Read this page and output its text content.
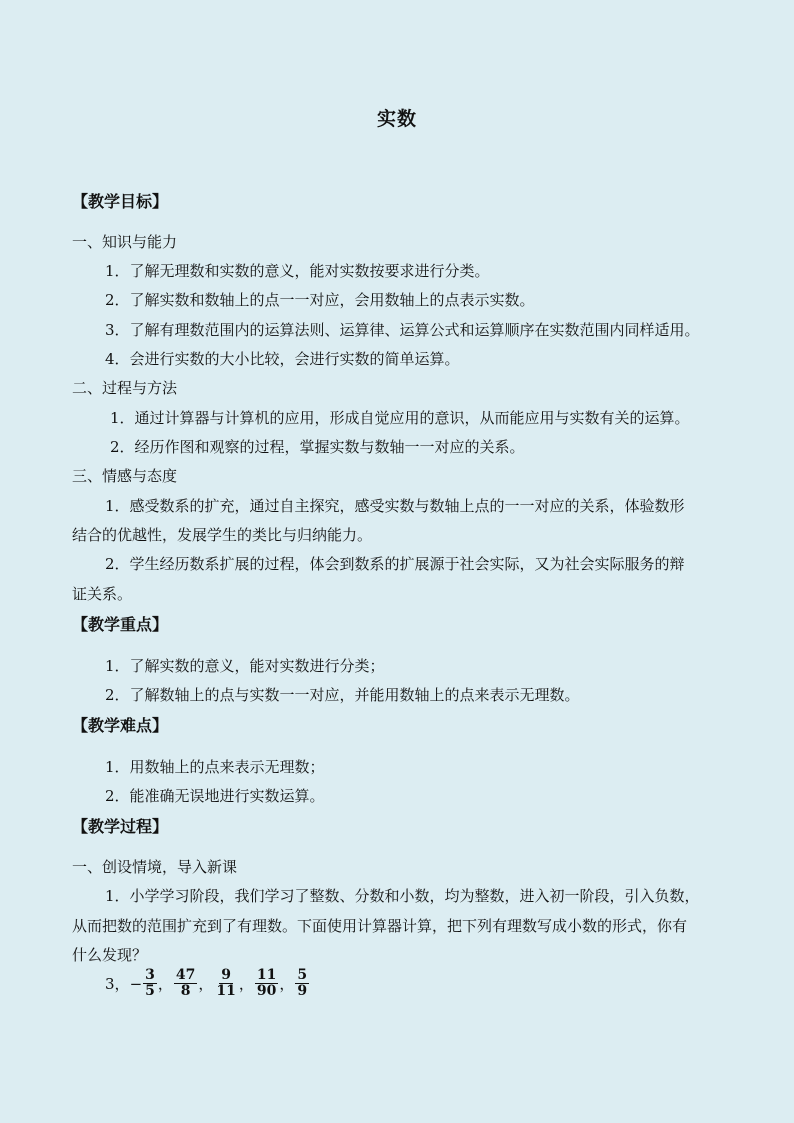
实数
【教学目标】
一、知识与能力
1．了解无理数和实数的意义，能对实数按要求进行分类。
2．了解实数和数轴上的点一一对应，会用数轴上的点表示实数。
3．了解有理数范围内的运算法则、运算律、运算公式和运算顺序在实数范围内同样适用。
4．会进行实数的大小比较，会进行实数的简单运算。
二、过程与方法
1．通过计算器与计算机的应用，形成自觉应用的意识，从而能应用与实数有关的运算。
2．经历作图和观察的过程，掌握实数与数轴一一对应的关系。
三、情感与态度
1．感受数系的扩充，通过自主探究，感受实数与数轴上点的一一对应的关系，体验数形
结合的优越性，发展学生的类比与归纳能力。
2．学生经历数系扩展的过程，体会到数系的扩展源于社会实际，又为社会实际服务的辩
证关系。
【教学重点】
1．了解实数的意义，能对实数进行分类；
2．了解数轴上的点与实数一一对应，并能用数轴上的点来表示无理数。
【教学难点】
1．用数轴上的点来表示无理数；
2．能准确无误地进行实数运算。
【教学过程】
一、创设情境，导入新课
1．小学学习阶段，我们学习了整数、分数和小数，均为整数，进入初一阶段，引入负数，
从而把数的范围扩充到了有理数。下面使用计算器计算，把下列有理数写成小数的形式，你有
什么发现？
3 ， − $\frac{3}{5}$ ， $\frac{47}{8}$ ， $\frac{9}{11}$ ， $\frac{11}{90}$ ， $\frac{5}{9}$
